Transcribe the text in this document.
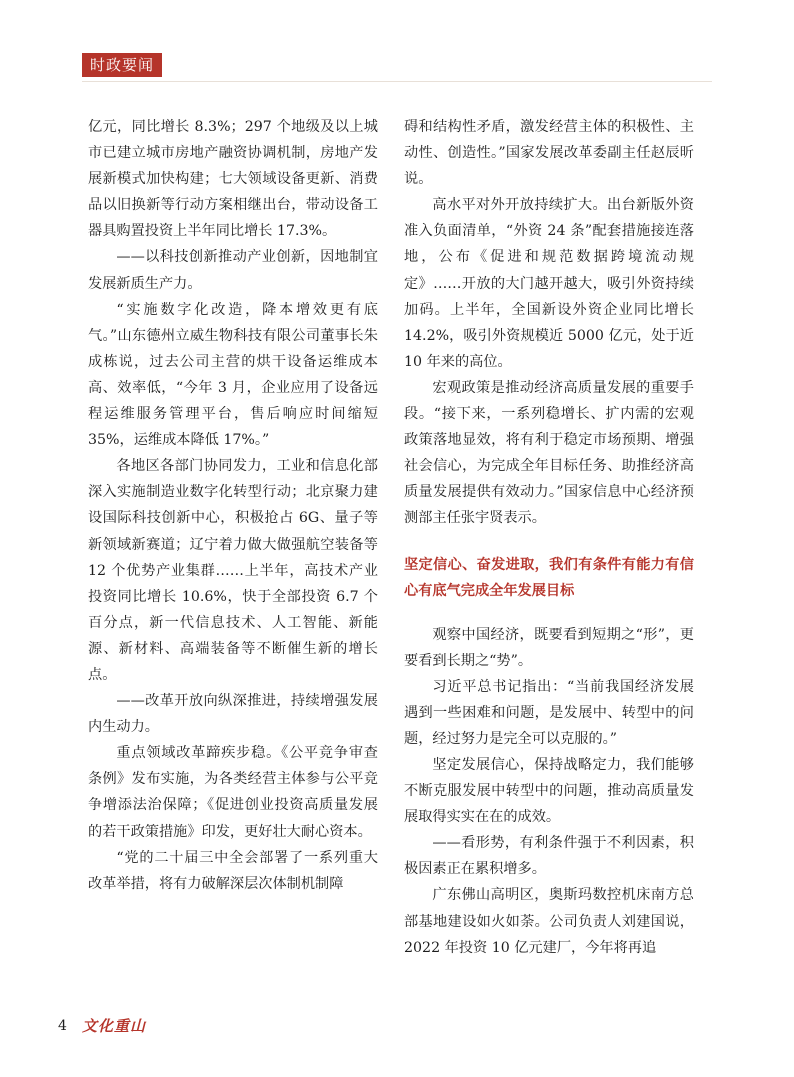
时政要闻

亿元，同比增长 8.3%；297 个地级及以上城市已建立城市房地产融资协调机制，房地产发展新模式加快构建；七大领域设备更新、消费品以旧换新等行动方案相继出台，带动设备工器具购置投资上半年同比增长 17.3%。

——以科技创新推动产业创新，因地制宜发展新质生产力。

“实施数字化改造，降本增效更有底气。”山东德州立威生物科技有限公司董事长朱成栋说，过去公司主营的烘干设备运维成本高、效率低，“今年 3 月，企业应用了设备远程运维服务管理平台，售后响应时间缩短 35%，运维成本降低 17%。”

各地区各部门协同发力，工业和信息化部深入实施制造业数字化转型行动；北京聚力建设国际科技创新中心，积极抢占 6G、量子等新领域新赛道；辽宁着力做大做强航空装备等 12 个优势产业集群……上半年，高技术产业投资同比增长 10.6%，快于全部投资 6.7 个百分点，新一代信息技术、人工智能、新能源、新材料、高端装备等不断催生新的增长点。

——改革开放向纵深推进，持续增强发展内生动力。

重点领域改革蹄疾步稳。《公平竞争审查条例》发布实施，为各类经营主体参与公平竞争增添法治保障；《促进创业投资高质量发展的若干政策措施》印发，更好壮大耐心资本。

“党的二十届三中全会部署了一系列重大改革举措，将有力破解深层次体制机制障

碍和结构性矛盾，激发经营主体的积极性、主动性、创造性。”国家发展改革委副主任赵辰昕说。

高水平对外开放持续扩大。出台新版外资准入负面清单，“外资 24 条”配套措施接连落地，公布《促进和规范数据跨境流动规定》……开放的大门越开越大，吸引外资持续加码。上半年，全国新设外资企业同比增长 14.2%，吸引外资规模近 5000 亿元，处于近 10 年来的高位。

宏观政策是推动经济高质量发展的重要手段。“接下来，一系列稳增长、扩内需的宏观政策落地显效，将有利于稳定市场预期、增强社会信心，为完成全年目标任务、助推经济高质量发展提供有效动力。”国家信息中心经济预测部主任张宇贤表示。

坚定信心、奋发进取，我们有条件有能力有信心有底气完成全年发展目标

观察中国经济，既要看到短期之“形”，更要看到长期之“势”。

习近平总书记指出：“当前我国经济发展遇到一些困难和问题，是发展中、转型中的问题，经过努力是完全可以克服的。”

坚定发展信心，保持战略定力，我们能够不断克服发展中转型中的问题，推动高质量发展取得实实在在的成效。

——看形势，有利条件强于不利因素，积极因素正在累积增多。

广东佛山高明区，奥斯玛数控机床南方总部基地建设如火如荼。公司负责人刘建国说，2022 年投资 10 亿元建厂，今年将再追

4 文化重山
